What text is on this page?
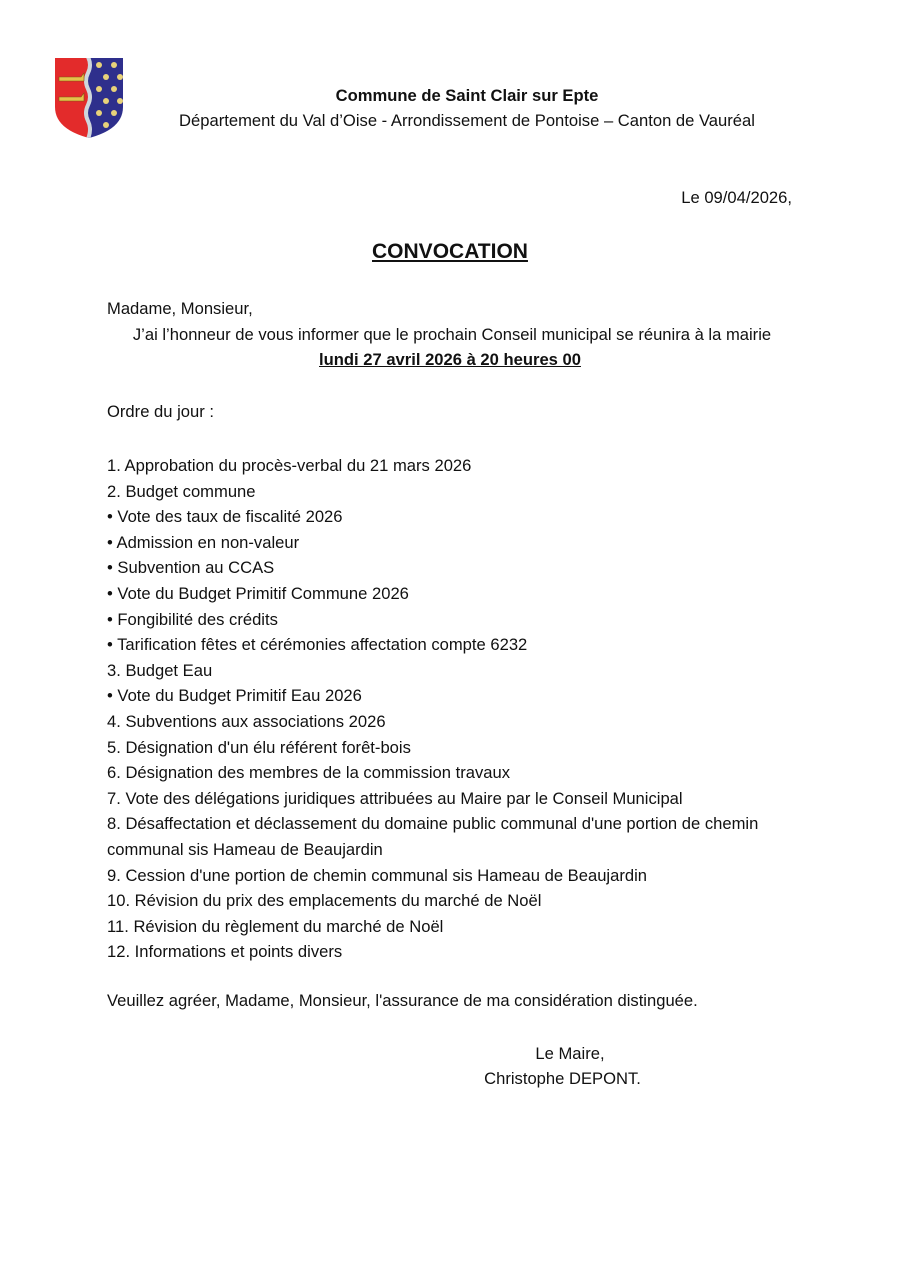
Commune de Saint Clair sur Epte
Département du Val d’Oise - Arrondissement de Pontoise – Canton de Vauréal
Le 09/04/2026,
CONVOCATION
Madame, Monsieur,
J’ai l’honneur de vous informer que le prochain Conseil municipal se réunira à la mairie
lundi 27 avril 2026 à 20 heures 00
Ordre du jour :
1. Approbation du procès-verbal du 21 mars 2026
2. Budget commune
• Vote des taux de fiscalité 2026
• Admission en non-valeur
• Subvention au CCAS
• Vote du Budget Primitif Commune 2026
• Fongibilité des crédits
• Tarification fêtes et cérémonies affectation compte 6232
3. Budget Eau
• Vote du Budget Primitif Eau 2026
4. Subventions aux associations 2026
5. Désignation d'un élu référent forêt-bois
6. Désignation des membres de la commission travaux
7. Vote des délégations juridiques attribuées au Maire par le Conseil Municipal
8. Désaffectation et déclassement du domaine public communal d'une portion de chemin communal sis Hameau de Beaujardin
9. Cession d'une portion de chemin communal sis Hameau de Beaujardin
10. Révision du prix des emplacements du marché de Noël
11. Révision du règlement du marché de Noël
12. Informations et points divers
Veuillez agréer, Madame, Monsieur, l'assurance de ma considération distinguée.
Le Maire,
Christophe DEPONT.
